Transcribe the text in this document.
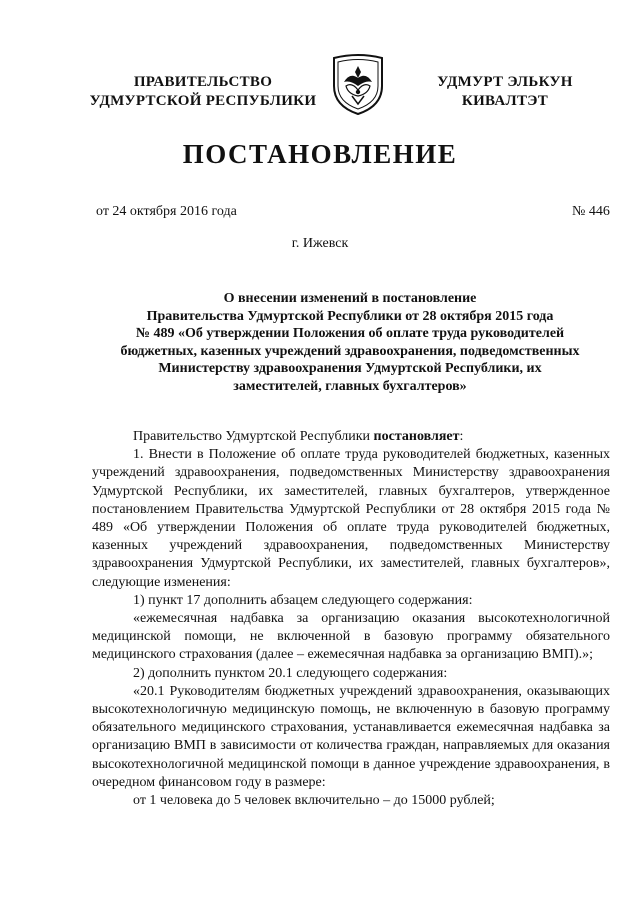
ПРАВИТЕЛЬСТВО
УДМУРТСКОЙ РЕСПУБЛИКИ
УДМУРТ ЭЛЬКУН
КИВАЛТЭТ
ПОСТАНОВЛЕНИЕ
от 24 октября 2016 года	№ 446
г. Ижевск
О внесении изменений в постановление
Правительства Удмуртской Республики от 28 октября 2015 года
№ 489 «Об утверждении Положения об оплате труда руководителей
бюджетных, казенных учреждений здравоохранения, подведомственных
Министерству здравоохранения Удмуртской Республики, их
заместителей, главных бухгалтеров»

Правительство Удмуртской Республики постановляет:

1. Внести в Положение об оплате труда руководителей бюджетных, казенных учреждений здравоохранения, подведомственных Министерству здравоохранения Удмуртской Республики, их заместителей, главных бухгалтеров, утвержденное постановлением Правительства Удмуртской Республики от 28 октября 2015 года № 489 «Об утверждении Положения об оплате труда руководителей бюджетных, казенных учреждений здравоохранения, подведомственных Министерству здравоохранения Удмуртской Республики, их заместителей, главных бухгалтеров», следующие изменения:

1) пункт 17 дополнить абзацем следующего содержания:

«ежемесячная надбавка за организацию оказания высокотехнологичной медицинской помощи, не включенной в базовую программу обязательного медицинского страхования (далее – ежемесячная надбавка за организацию ВМП).»;

2) дополнить пунктом 20.1 следующего содержания:

«20.1 Руководителям бюджетных учреждений здравоохранения, оказывающих высокотехнологичную медицинскую помощь, не включенную в базовую программу обязательного медицинского страхования, устанавливается ежемесячная надбавка за организацию ВМП в зависимости от количества граждан, направляемых для оказания высокотехнологичной медицинской помощи в данное учреждение здравоохранения, в очередном финансовом году в размере:

от 1 человека до 5 человек включительно – до 15000 рублей;
